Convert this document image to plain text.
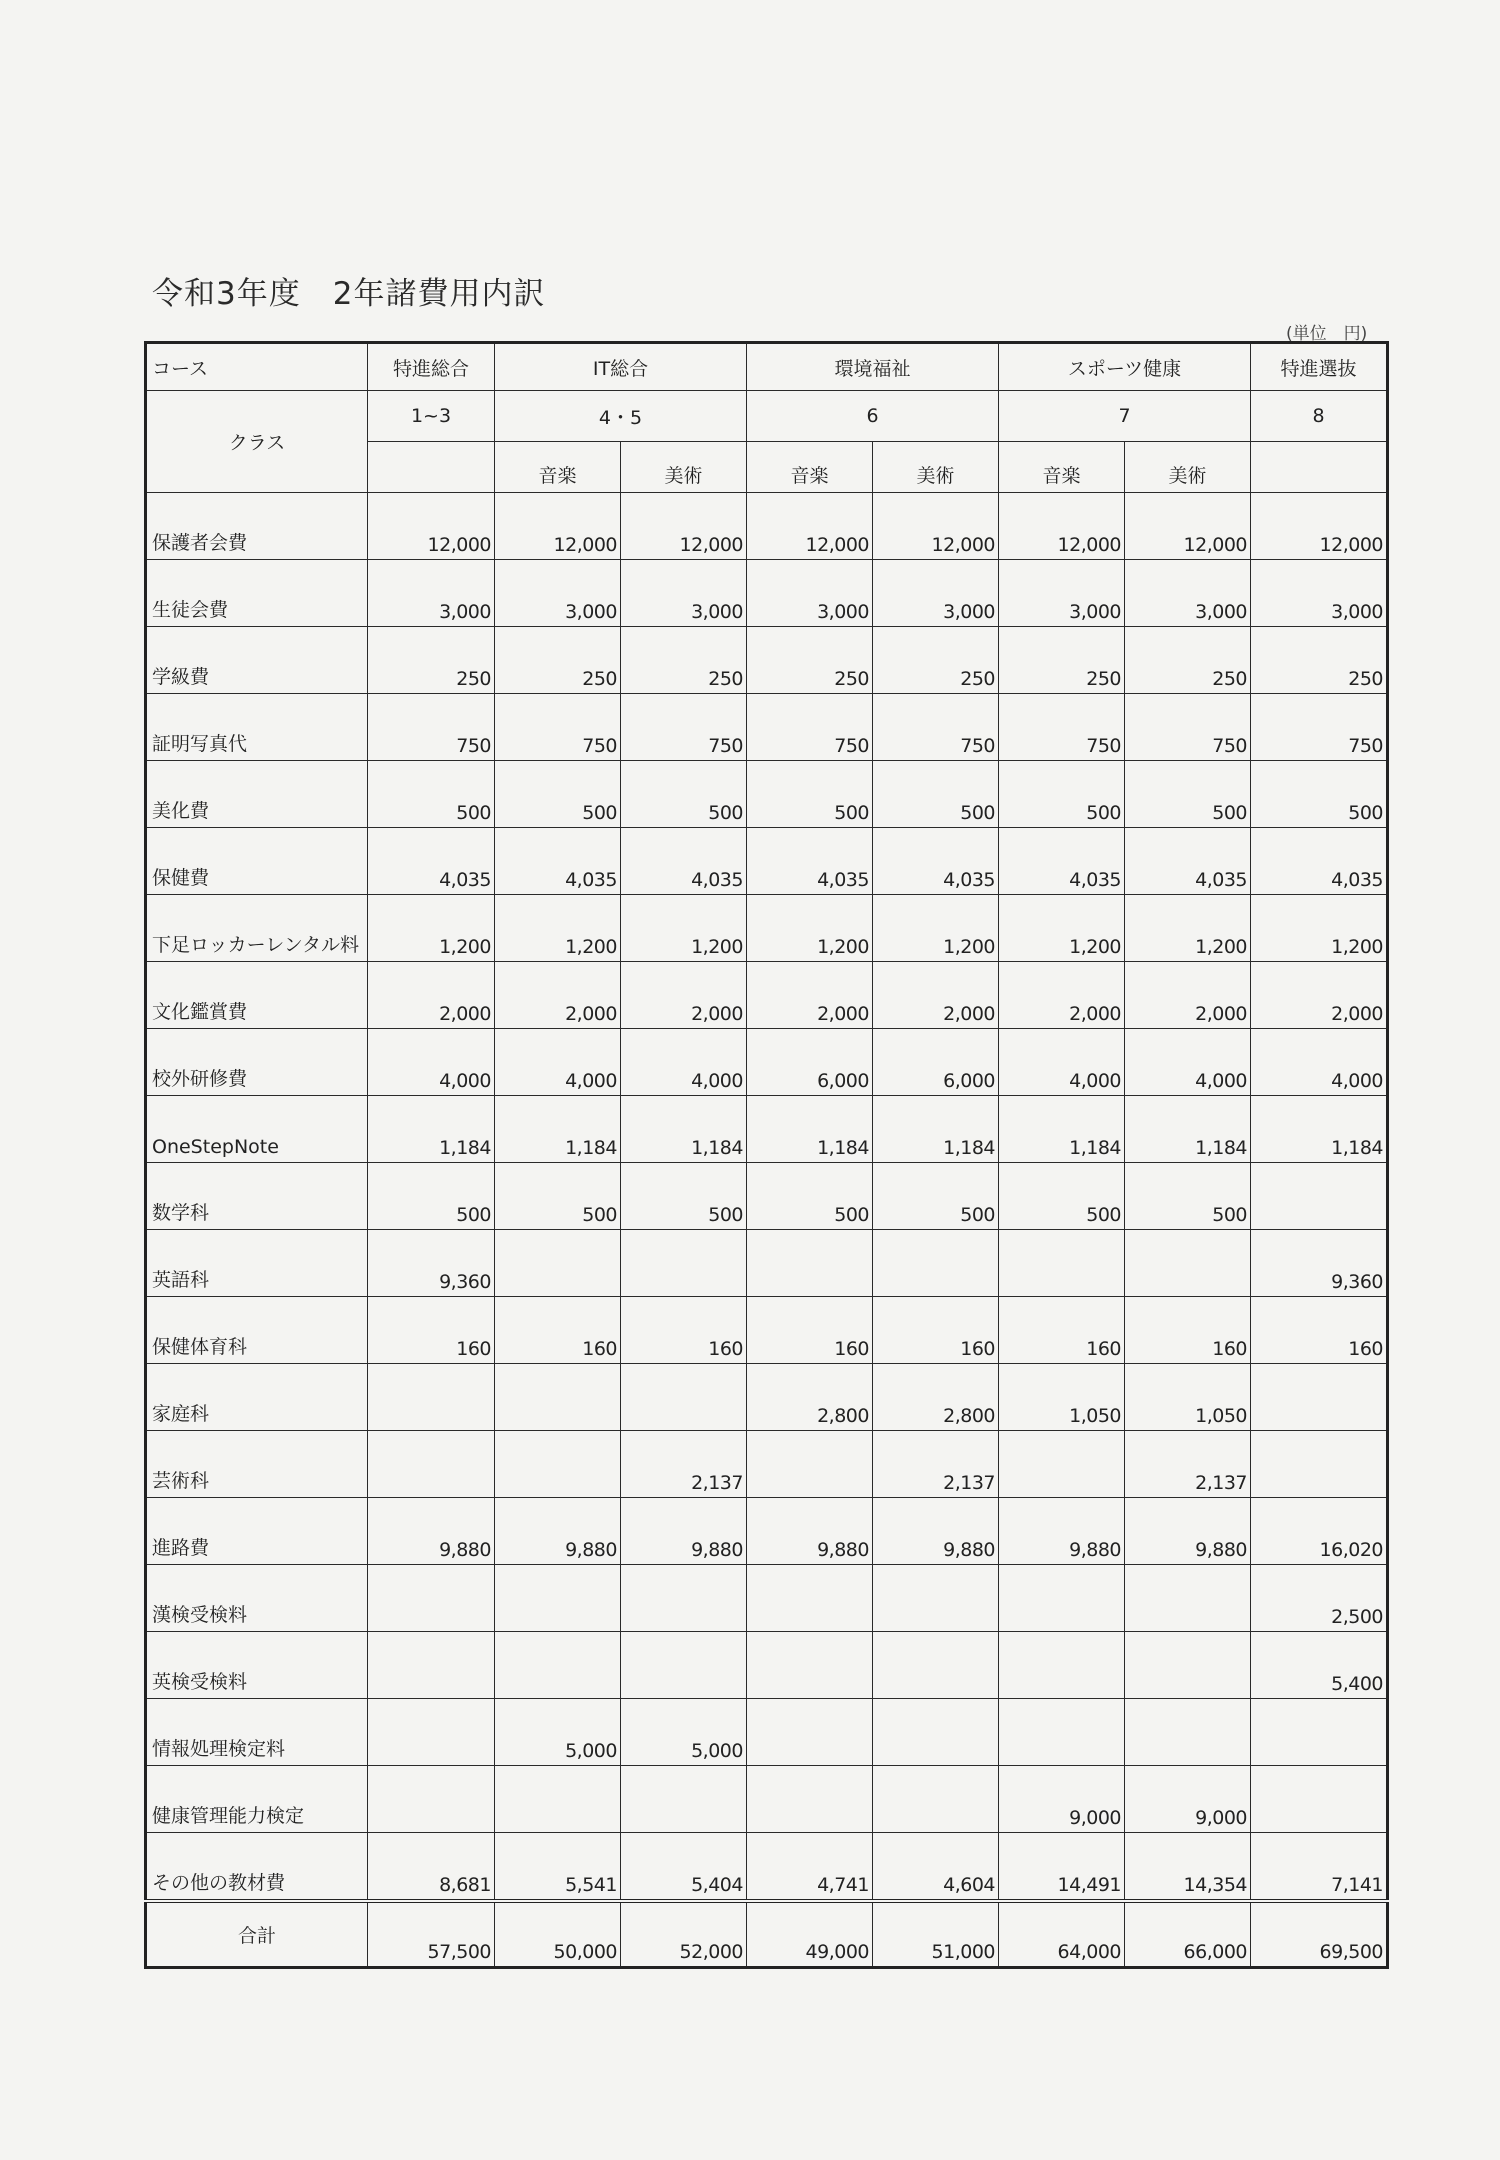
令和3年度　2年諸費用内訳
(単位　円)
コース	特進総合	IT総合		環境福祉		スポーツ健康		特進選抜
クラス	1~3	4・5		6		7		8
		音楽	美術	音楽	美術	音楽	美術	
保護者会費	12,000	12,000	12,000	12,000	12,000	12,000	12,000	12,000
生徒会費	3,000	3,000	3,000	3,000	3,000	3,000	3,000	3,000
学級費	250	250	250	250	250	250	250	250
証明写真代	750	750	750	750	750	750	750	750
美化費	500	500	500	500	500	500	500	500
保健費	4,035	4,035	4,035	4,035	4,035	4,035	4,035	4,035
下足ロッカーレンタル料	1,200	1,200	1,200	1,200	1,200	1,200	1,200	1,200
文化鑑賞費	2,000	2,000	2,000	2,000	2,000	2,000	2,000	2,000
校外研修費	4,000	4,000	4,000	6,000	6,000	4,000	4,000	4,000
OneStepNote	1,184	1,184	1,184	1,184	1,184	1,184	1,184	1,184
数学科	500	500	500	500	500	500	500	
英語科	9,360							9,360
保健体育科	160	160	160	160	160	160	160	160
家庭科				2,800	2,800	1,050	1,050	
芸術科			2,137		2,137		2,137	
進路費	9,880	9,880	9,880	9,880	9,880	9,880	9,880	16,020
漢検受検料								2,500
英検受検料								5,400
情報処理検定料		5,000	5,000					
健康管理能力検定						9,000	9,000	
その他の教材費	8,681	5,541	5,404	4,741	4,604	14,491	14,354	7,141
合計	57,500	50,000	52,000	49,000	51,000	64,000	66,000	69,500
